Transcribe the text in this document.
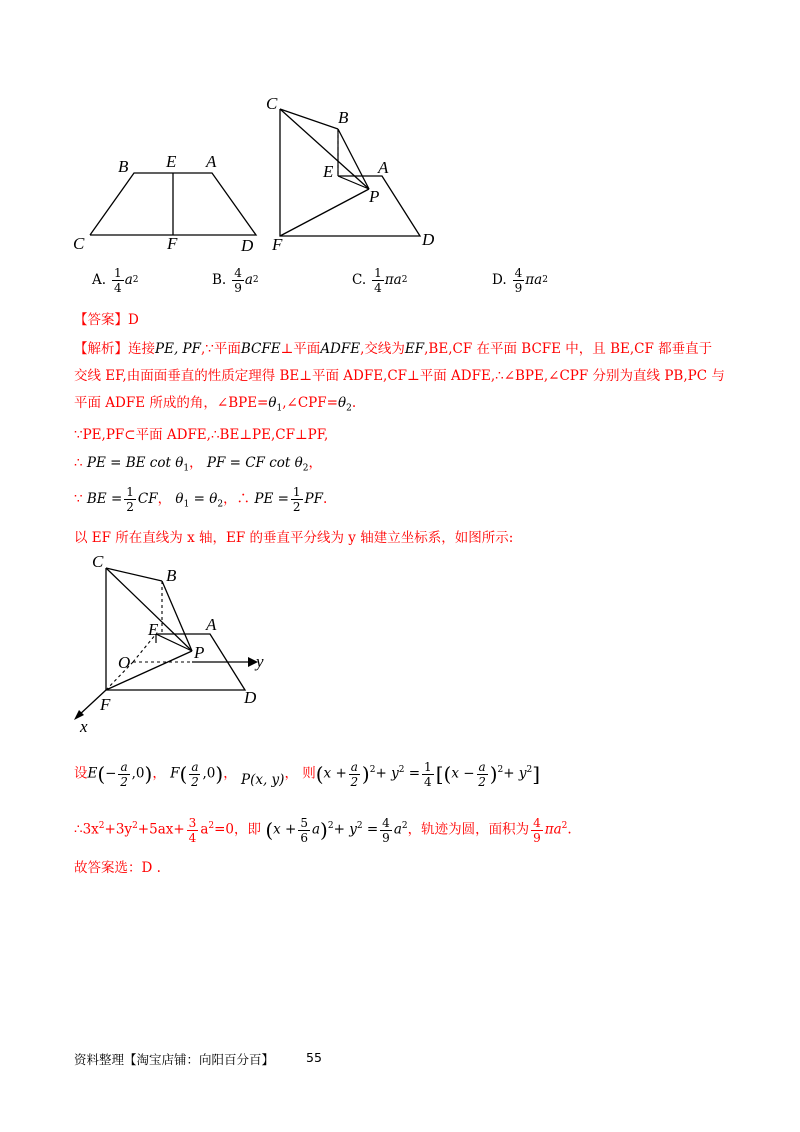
B E A
C	F	D
C
B
E	A
P
F	D
A. $\frac{1}{4}$ a 2	B. $\frac{4}{9}$ a 2	C. $\frac{1}{4}$ πa 2	D. $\frac{4}{9}$ πa 2
【答案】D
【解析】连接PE, PF,∵平面BCFE⊥平面ADFE,交线为EF,BE,CF 在平面 BCFE 中，且 BE,CF 都垂直于
交线 EF,由面面垂直的性质定理得 BE⊥平面 ADFE,CF⊥平面 ADFE,∴∠BPE,∠CPF 分别为直线 PB,PC 与
平面 ADFE 所成的角，$\angle BPE=\theta_1,\angle CPF=\theta_2$.
∵PE,PF⊂平面 ADFE,∴BE⊥PE,CF⊥PF,
∴ PE = BE $\cot \theta_1$， PF = CF $\cot \theta_2$，
∵ BE = $\frac{1}{2}$ CF， $\theta_1 = \theta_2$，∴ PE = $\frac{1}{2}$ PF.
以 EF 所在直线为 x 轴，EF 的垂直平分线为 y 轴建立坐标系，如图所示:
C
B
E	A
O
P	y
F	D
x
设$E(- \frac{a}{2} ,0)$， $F( \frac{a}{2} ,0)$， P(x, y)， 则$(x + \frac{a}{2} )^2+ y^2 = \frac{1}{4} [(x - \frac{a}{2} )^2+ y^2]$
$\therefore 3x^2+3y^2+5ax+ \frac{3}{4} a^2=0$，即 $(x + \frac{5}{6} a)^2+ y^2 = \frac{4}{9} a^2$，轨迹为圆，面积为 $\frac{4}{9} \pi a^2$.
故答案选：D .
资料整理【淘宝店铺：向阳百分百】	55
